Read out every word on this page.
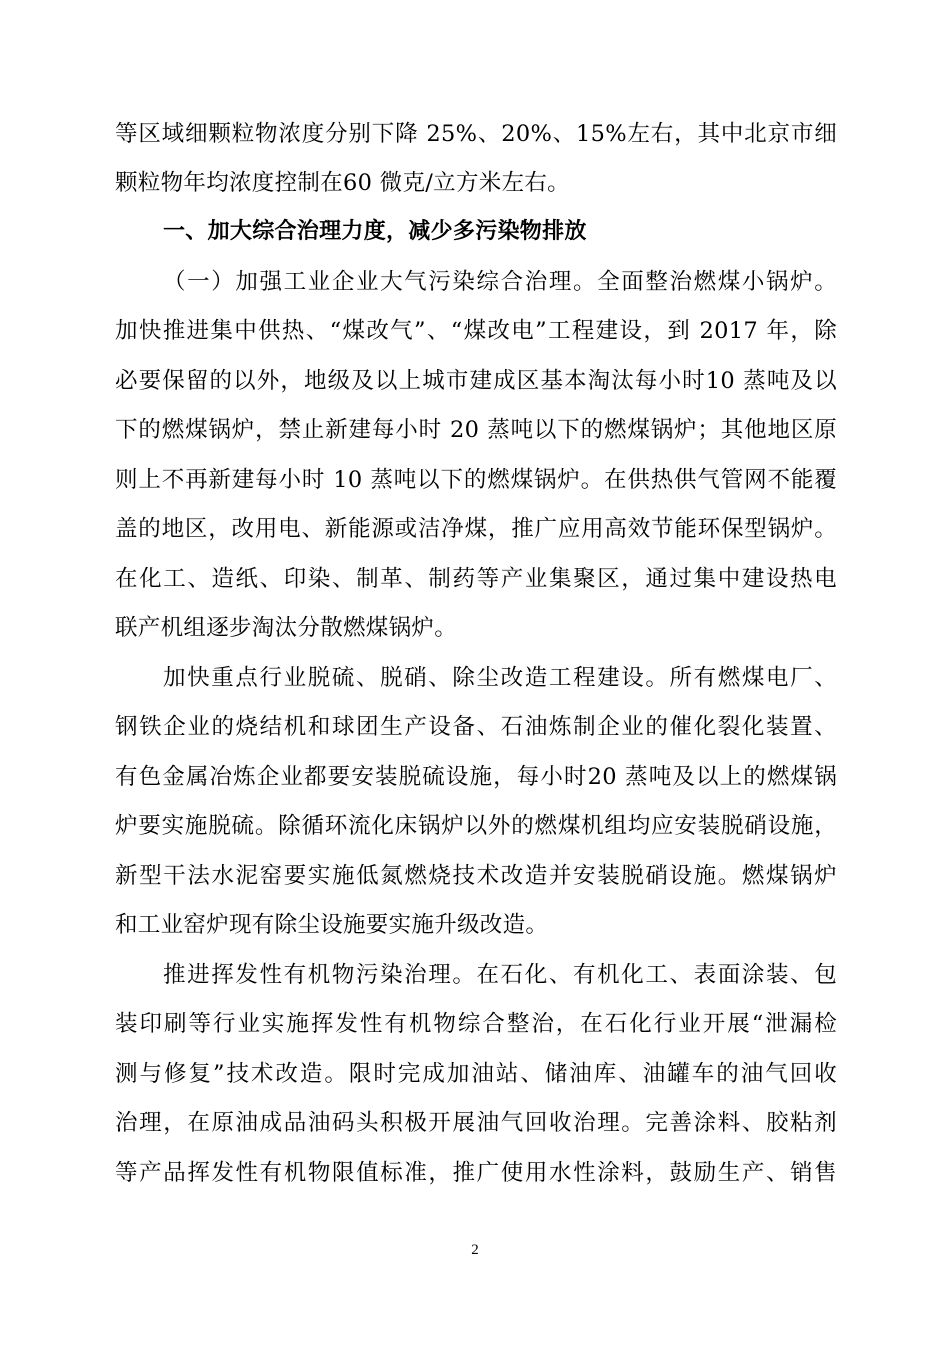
等区域细颗粒物浓度分别下降 25%、20%、15%左右，其中北京市细
颗粒物年均浓度控制在60 微克/立方米左右。
一、加大综合治理力度，减少多污染物排放
（一）加强工业企业大气污染综合治理。全面整治燃煤小锅炉。
加快推进集中供热、“煤改气”、“煤改电”工程建设，到 2017 年，除
必要保留的以外，地级及以上城市建成区基本淘汰每小时10 蒸吨及以
下的燃煤锅炉，禁止新建每小时 20 蒸吨以下的燃煤锅炉；其他地区原
则上不再新建每小时 10 蒸吨以下的燃煤锅炉。在供热供气管网不能覆
盖的地区，改用电、新能源或洁净煤，推广应用高效节能环保型锅炉。
在化工、造纸、印染、制革、制药等产业集聚区，通过集中建设热电
联产机组逐步淘汰分散燃煤锅炉。
加快重点行业脱硫、脱硝、除尘改造工程建设。所有燃煤电厂、
钢铁企业的烧结机和球团生产设备、石油炼制企业的催化裂化装置、
有色金属冶炼企业都要安装脱硫设施，每小时20 蒸吨及以上的燃煤锅
炉要实施脱硫。除循环流化床锅炉以外的燃煤机组均应安装脱硝设施，
新型干法水泥窑要实施低氮燃烧技术改造并安装脱硝设施。燃煤锅炉
和工业窑炉现有除尘设施要实施升级改造。
推进挥发性有机物污染治理。在石化、有机化工、表面涂装、包
装印刷等行业实施挥发性有机物综合整治，在石化行业开展“泄漏检
测与修复”技术改造。限时完成加油站、储油库、油罐车的油气回收
治理，在原油成品油码头积极开展油气回收治理。完善涂料、胶粘剂
等产品挥发性有机物限值标准，推广使用水性涂料，鼓励生产、销售
2
